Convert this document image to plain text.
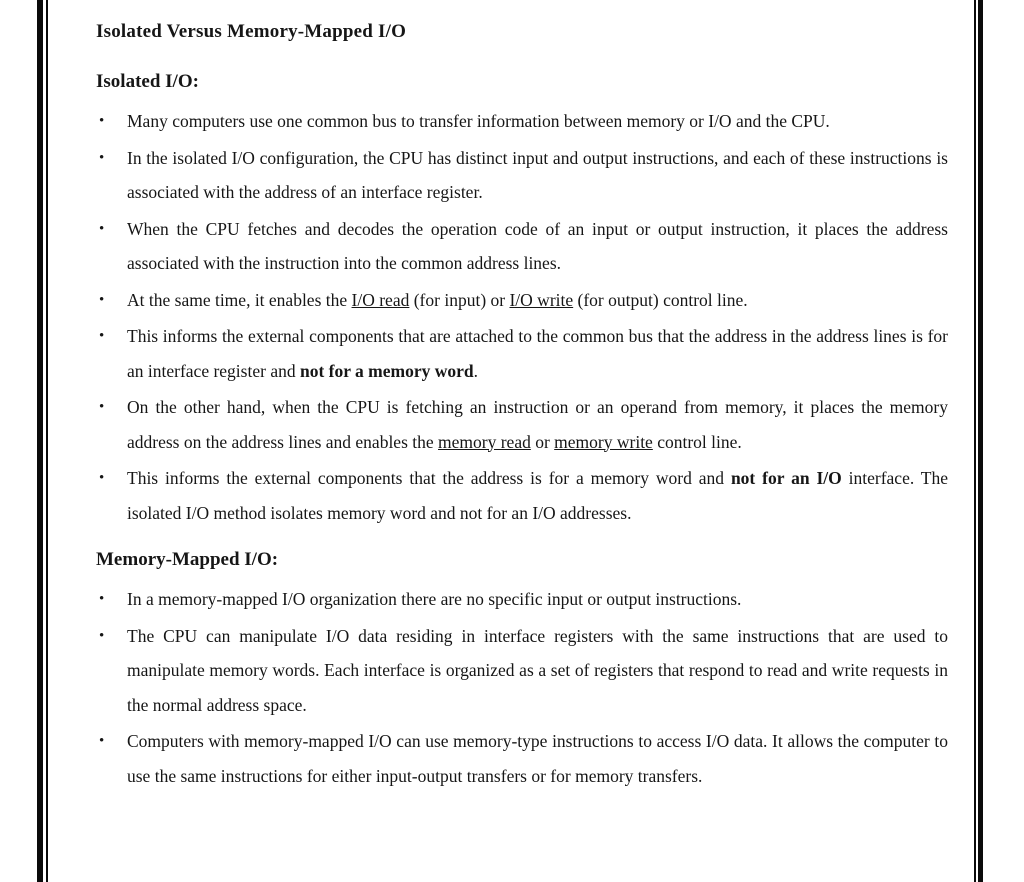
Isolated Versus Memory-Mapped I/O
Isolated I/O:
•	Many computers use one common bus to transfer information between memory or I/O and the CPU.
•	In the isolated I/O configuration, the CPU has distinct input and output instructions, and each of these instructions is associated with the address of an interface register.
•	When the CPU fetches and decodes the operation code of an input or output instruction, it places the address associated with the instruction into the common address lines.
•	At the same time, it enables the I/O read (for input) or I/O write (for output) control line.
•	This informs the external components that are attached to the common bus that the address in the address lines is for an interface register and not for a memory word.
•	On the other hand, when the CPU is fetching an instruction or an operand from memory, it places the memory address on the address lines and enables the memory read or memory write control line.
•	This informs the external components that the address is for a memory word and not for an I/O interface. The isolated I/O method isolates memory word and not for an I/O addresses.
Memory-Mapped I/O:
•	In a memory-mapped I/O organization there are no specific input or output instructions.
•	The CPU can manipulate I/O data residing in interface registers with the same instructions that are used to manipulate memory words. Each interface is organized as a set of registers that respond to read and write requests in the normal address space.
•	Computers with memory-mapped I/O can use memory-type instructions to access I/O data. It allows the computer to use the same instructions for either input-output transfers or for memory transfers.
